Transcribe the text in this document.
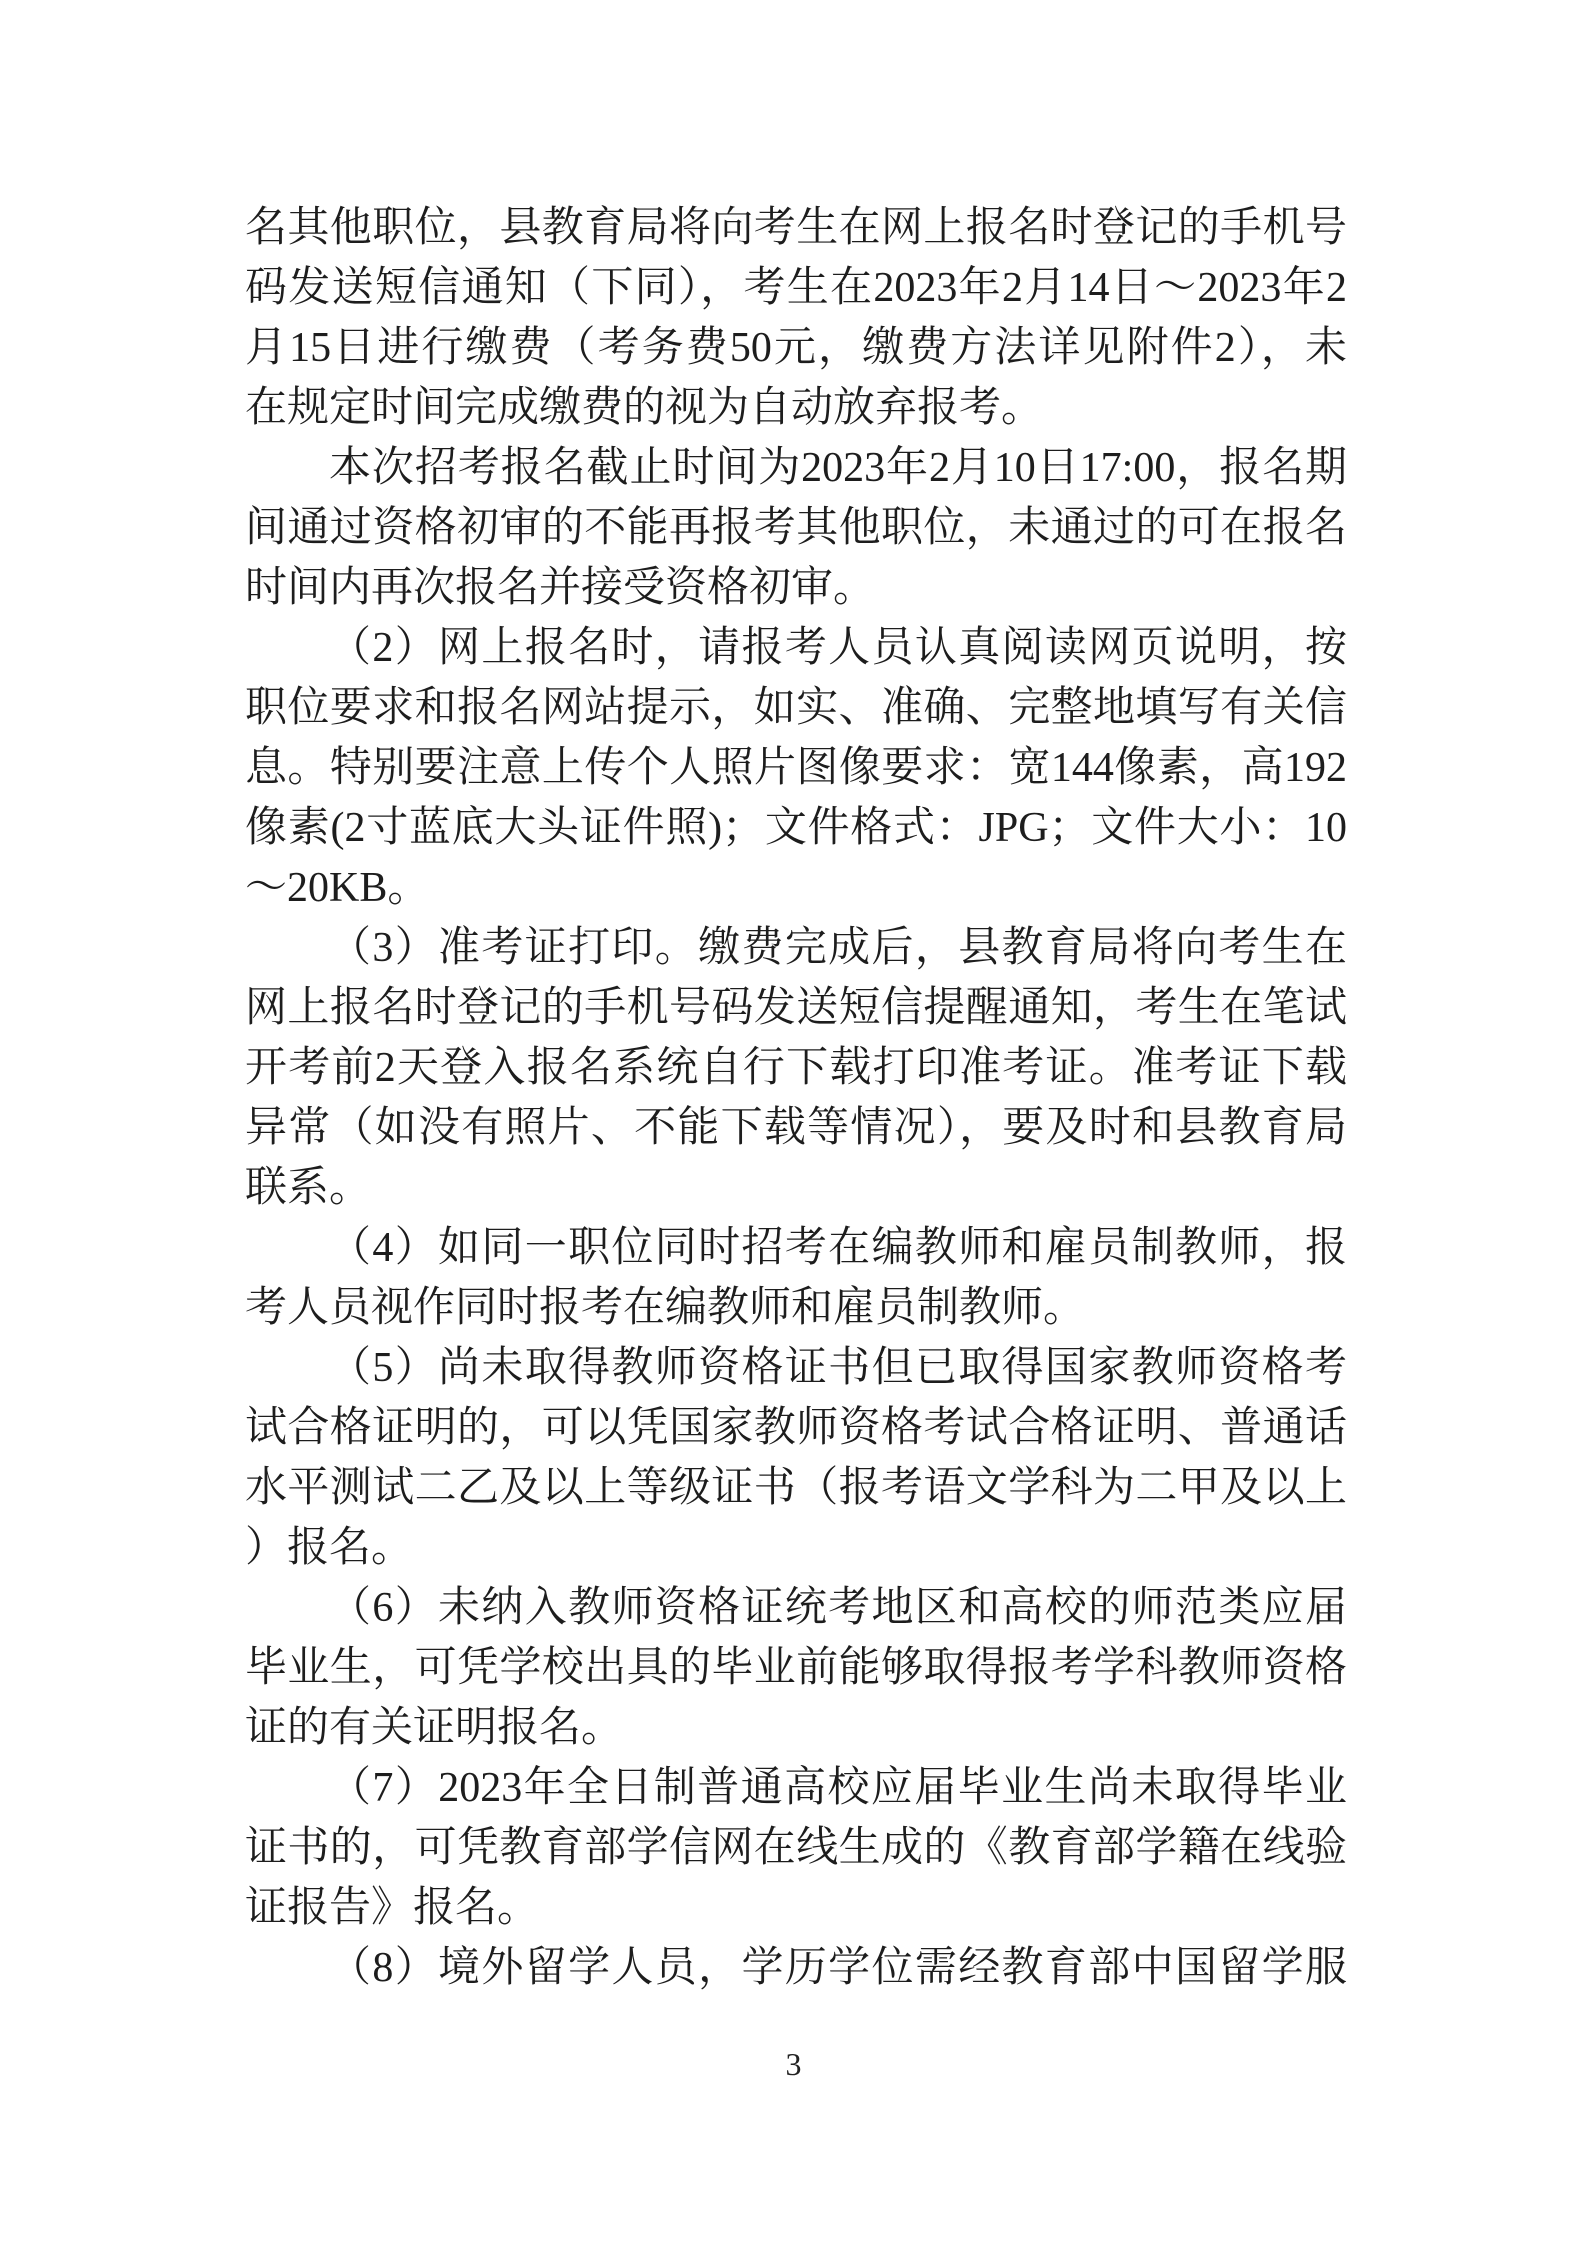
名其他职位，县教育局将向考生在网上报名时登记的手机号
码发送短信通知（下同），考生在2023年2月14日～2023年2
月15日进行缴费（考务费50元，缴费方法详见附件2），未
在规定时间完成缴费的视为自动放弃报考。
本次招考报名截止时间为2023年2月10日17:00，报名期
间通过资格初审的不能再报考其他职位，未通过的可在报名
时间内再次报名并接受资格初审。
（2）网上报名时，请报考人员认真阅读网页说明，按
职位要求和报名网站提示，如实、准确、完整地填写有关信
息。特别要注意上传个人照片图像要求：宽144像素，高192
像素(2寸蓝底大头证件照)；文件格式：JPG；文件大小：10
～20KB。
（3）准考证打印。缴费完成后，县教育局将向考生在
网上报名时登记的手机号码发送短信提醒通知，考生在笔试
开考前2天登入报名系统自行下载打印准考证。准考证下载
异常（如没有照片、不能下载等情况），要及时和县教育局
联系。
（4）如同一职位同时招考在编教师和雇员制教师，报
考人员视作同时报考在编教师和雇员制教师。
（5）尚未取得教师资格证书但已取得国家教师资格考
试合格证明的，可以凭国家教师资格考试合格证明、普通话
水平测试二乙及以上等级证书（报考语文学科为二甲及以上
）报名。
（6）未纳入教师资格证统考地区和高校的师范类应届
毕业生，可凭学校出具的毕业前能够取得报考学科教师资格
证的有关证明报名。
（7）2023年全日制普通高校应届毕业生尚未取得毕业
证书的，可凭教育部学信网在线生成的《教育部学籍在线验
证报告》报名。
（8）境外留学人员，学历学位需经教育部中国留学服
3
